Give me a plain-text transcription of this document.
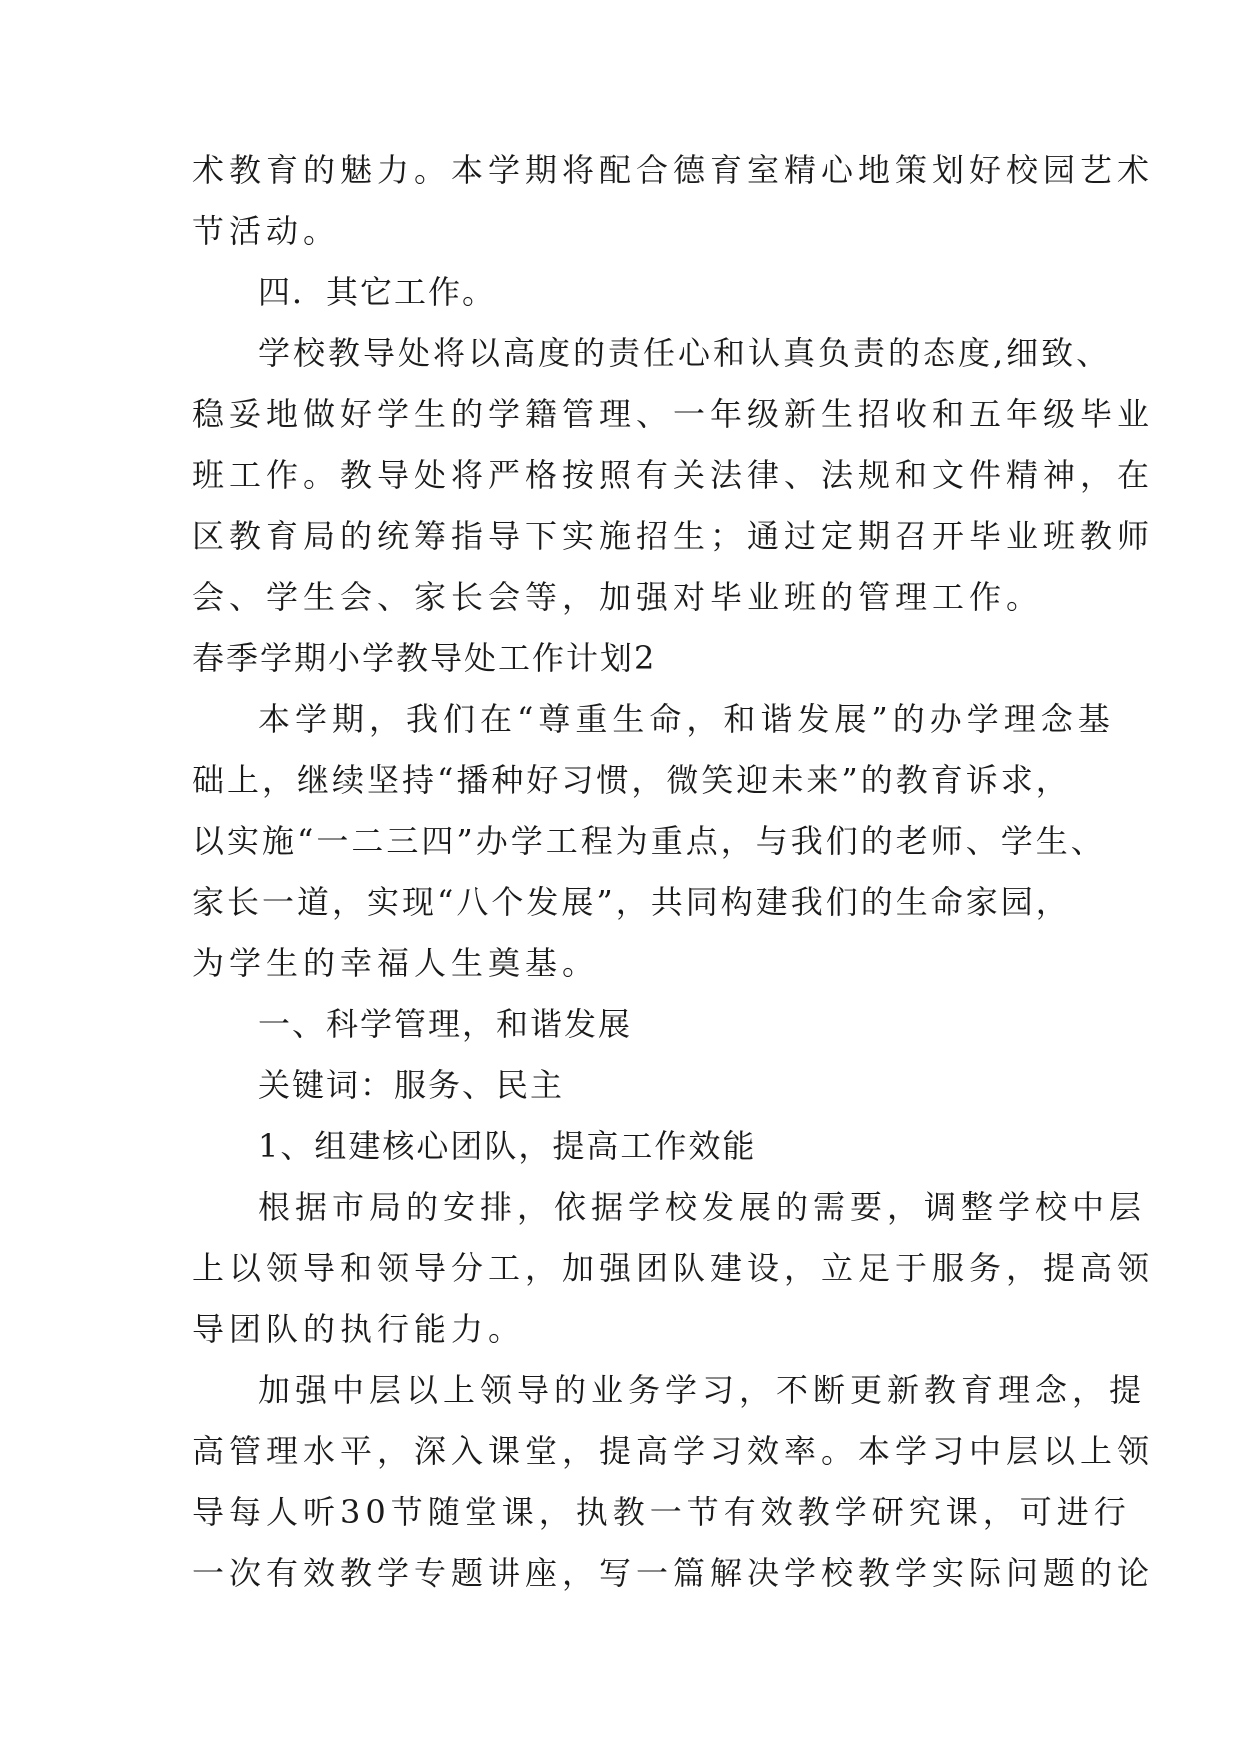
术教育的魅力。本学期将配合德育室精心地策划好校园艺术

节活动。

四．其它工作。

学校教导处将以高度的责任心和认真负责的态度,细致、

稳妥地做好学生的学籍管理、一年级新生招收和五年级毕业

班工作。教导处将严格按照有关法律、法规和文件精神，在

区教育局的统筹指导下实施招生；通过定期召开毕业班教师

会、学生会、家长会等，加强对毕业班的管理工作。

春季学期小学教导处工作计划2

本学期，我们在“尊重生命，和谐发展”的办学理念基

础上，继续坚持“播种好习惯，微笑迎未来”的教育诉求，

以实施“一二三四”办学工程为重点，与我们的老师、学生、

家长一道，实现“八个发展”，共同构建我们的生命家园，

为学生的幸福人生奠基。

一、科学管理，和谐发展

关键词：服务、民主

1、组建核心团队，提高工作效能

根据市局的安排，依据学校发展的需要，调整学校中层

上以领导和领导分工，加强团队建设，立足于服务，提高领

导团队的执行能力。

加强中层以上领导的业务学习，不断更新教育理念，提

高管理水平，深入课堂，提高学习效率。本学习中层以上领

导每人听30节随堂课，执教一节有效教学研究课，可进行

一次有效教学专题讲座，写一篇解决学校教学实际问题的论
